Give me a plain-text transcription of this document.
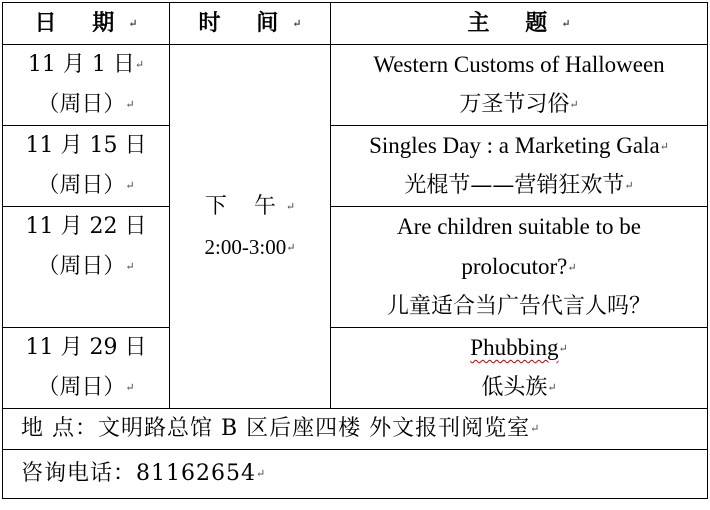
日 期↵	时 间↵	主 题↵

11 月 1 日↵
（周日）↵	下 午↵
2:00-3:00↵	Western Customs of Halloween
万圣节习俗↵

11 月 15 日
（周日）↵		Singles Day : a Marketing Gala↵
光棍节——营销狂欢节↵

11 月 22 日
（周日）↵		Are children suitable to be
prolocutor?↵
儿童适合当广告代言人吗？

11 月 29 日
（周日）↵		Phubbing↵
低头族↵

地 点：文明路总馆 B 区后座四楼 外文报刊阅览室↵		
咨询电话：81162654↵		
